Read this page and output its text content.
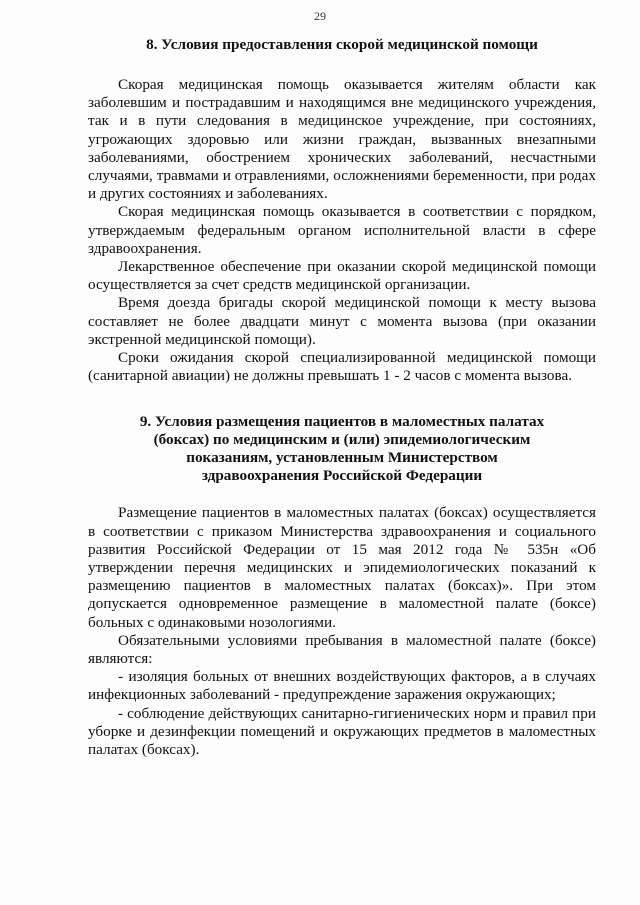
29
8. Условия предоставления скорой медицинской помощи

Скорая медицинская помощь оказывается жителям области как заболевшим и пострадавшим и находящимся вне медицинского учреждения, так и в пути следования в медицинское учреждение, при состояниях, угрожающих здоровью или жизни граждан, вызванных внезапными заболеваниями, обострением хронических заболеваний, несчастными случаями, травмами и отравлениями, осложнениями беременности, при родах и других состояниях и заболеваниях.

Скорая медицинская помощь оказывается в соответствии с порядком, утверждаемым федеральным органом исполнительной власти в сфере здравоохранения.

Лекарственное обеспечение при оказании скорой медицинской помощи осуществляется за счет средств медицинской организации.

Время доезда бригады скорой медицинской помощи к месту вызова составляет не более двадцати минут с момента вызова (при оказании экстренной медицинской помощи).

Сроки ожидания скорой специализированной медицинской помощи (санитарной авиации) не должны превышать 1 - 2 часов с момента вызова.

9. Условия размещения пациентов в маломестных палатах
(боксах) по медицинским и (или) эпидемиологическим
показаниям, установленным Министерством
здравоохранения Российской Федерации

Размещение пациентов в маломестных палатах (боксах) осуществляется в соответствии с приказом Министерства здравоохранения и социального развития Российской Федерации от 15 мая 2012 года № 535н «Об утверждении перечня медицинских и эпидемиологических показаний к размещению пациентов в маломестных палатах (боксах)». При этом допускается одновременное размещение в маломестной палате (боксе) больных с одинаковыми нозологиями.

Обязательными условиями пребывания в маломестной палате (боксе) являются:

- изоляция больных от внешних воздействующих факторов, а в случаях инфекционных заболеваний - предупреждение заражения окружающих;

- соблюдение действующих санитарно-гигиенических норм и правил при уборке и дезинфекции помещений и окружающих предметов в маломестных палатах (боксах).
